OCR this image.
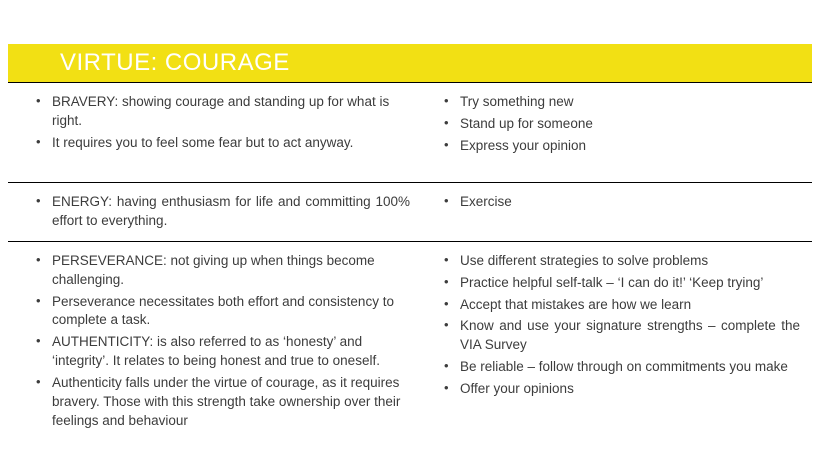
VIRTUE: COURAGE
• BRAVERY: showing courage and standing up for what is right.
• It requires you to feel some fear but to act anyway.
• Try something new
• Stand up for someone
• Express your opinion
• ENERGY: having enthusiasm for life and committing 100% effort to everything.
• Exercise
• PERSEVERANCE: not giving up when things become challenging.
• Perseverance necessitates both effort and consistency to complete a task.
• AUTHENTICITY: is also referred to as ‘honesty’ and ‘integrity’. It relates to being honest and true to oneself.
• Authenticity falls under the virtue of courage, as it requires bravery. Those with this strength take ownership over their feelings and behaviour
• Use different strategies to solve problems
• Practice helpful self-talk – ‘I can do it!’ ‘Keep trying’
• Accept that mistakes are how we learn
• Know and use your signature strengths – complete the VIA Survey
• Be reliable – follow through on commitments you make
• Offer your opinions
